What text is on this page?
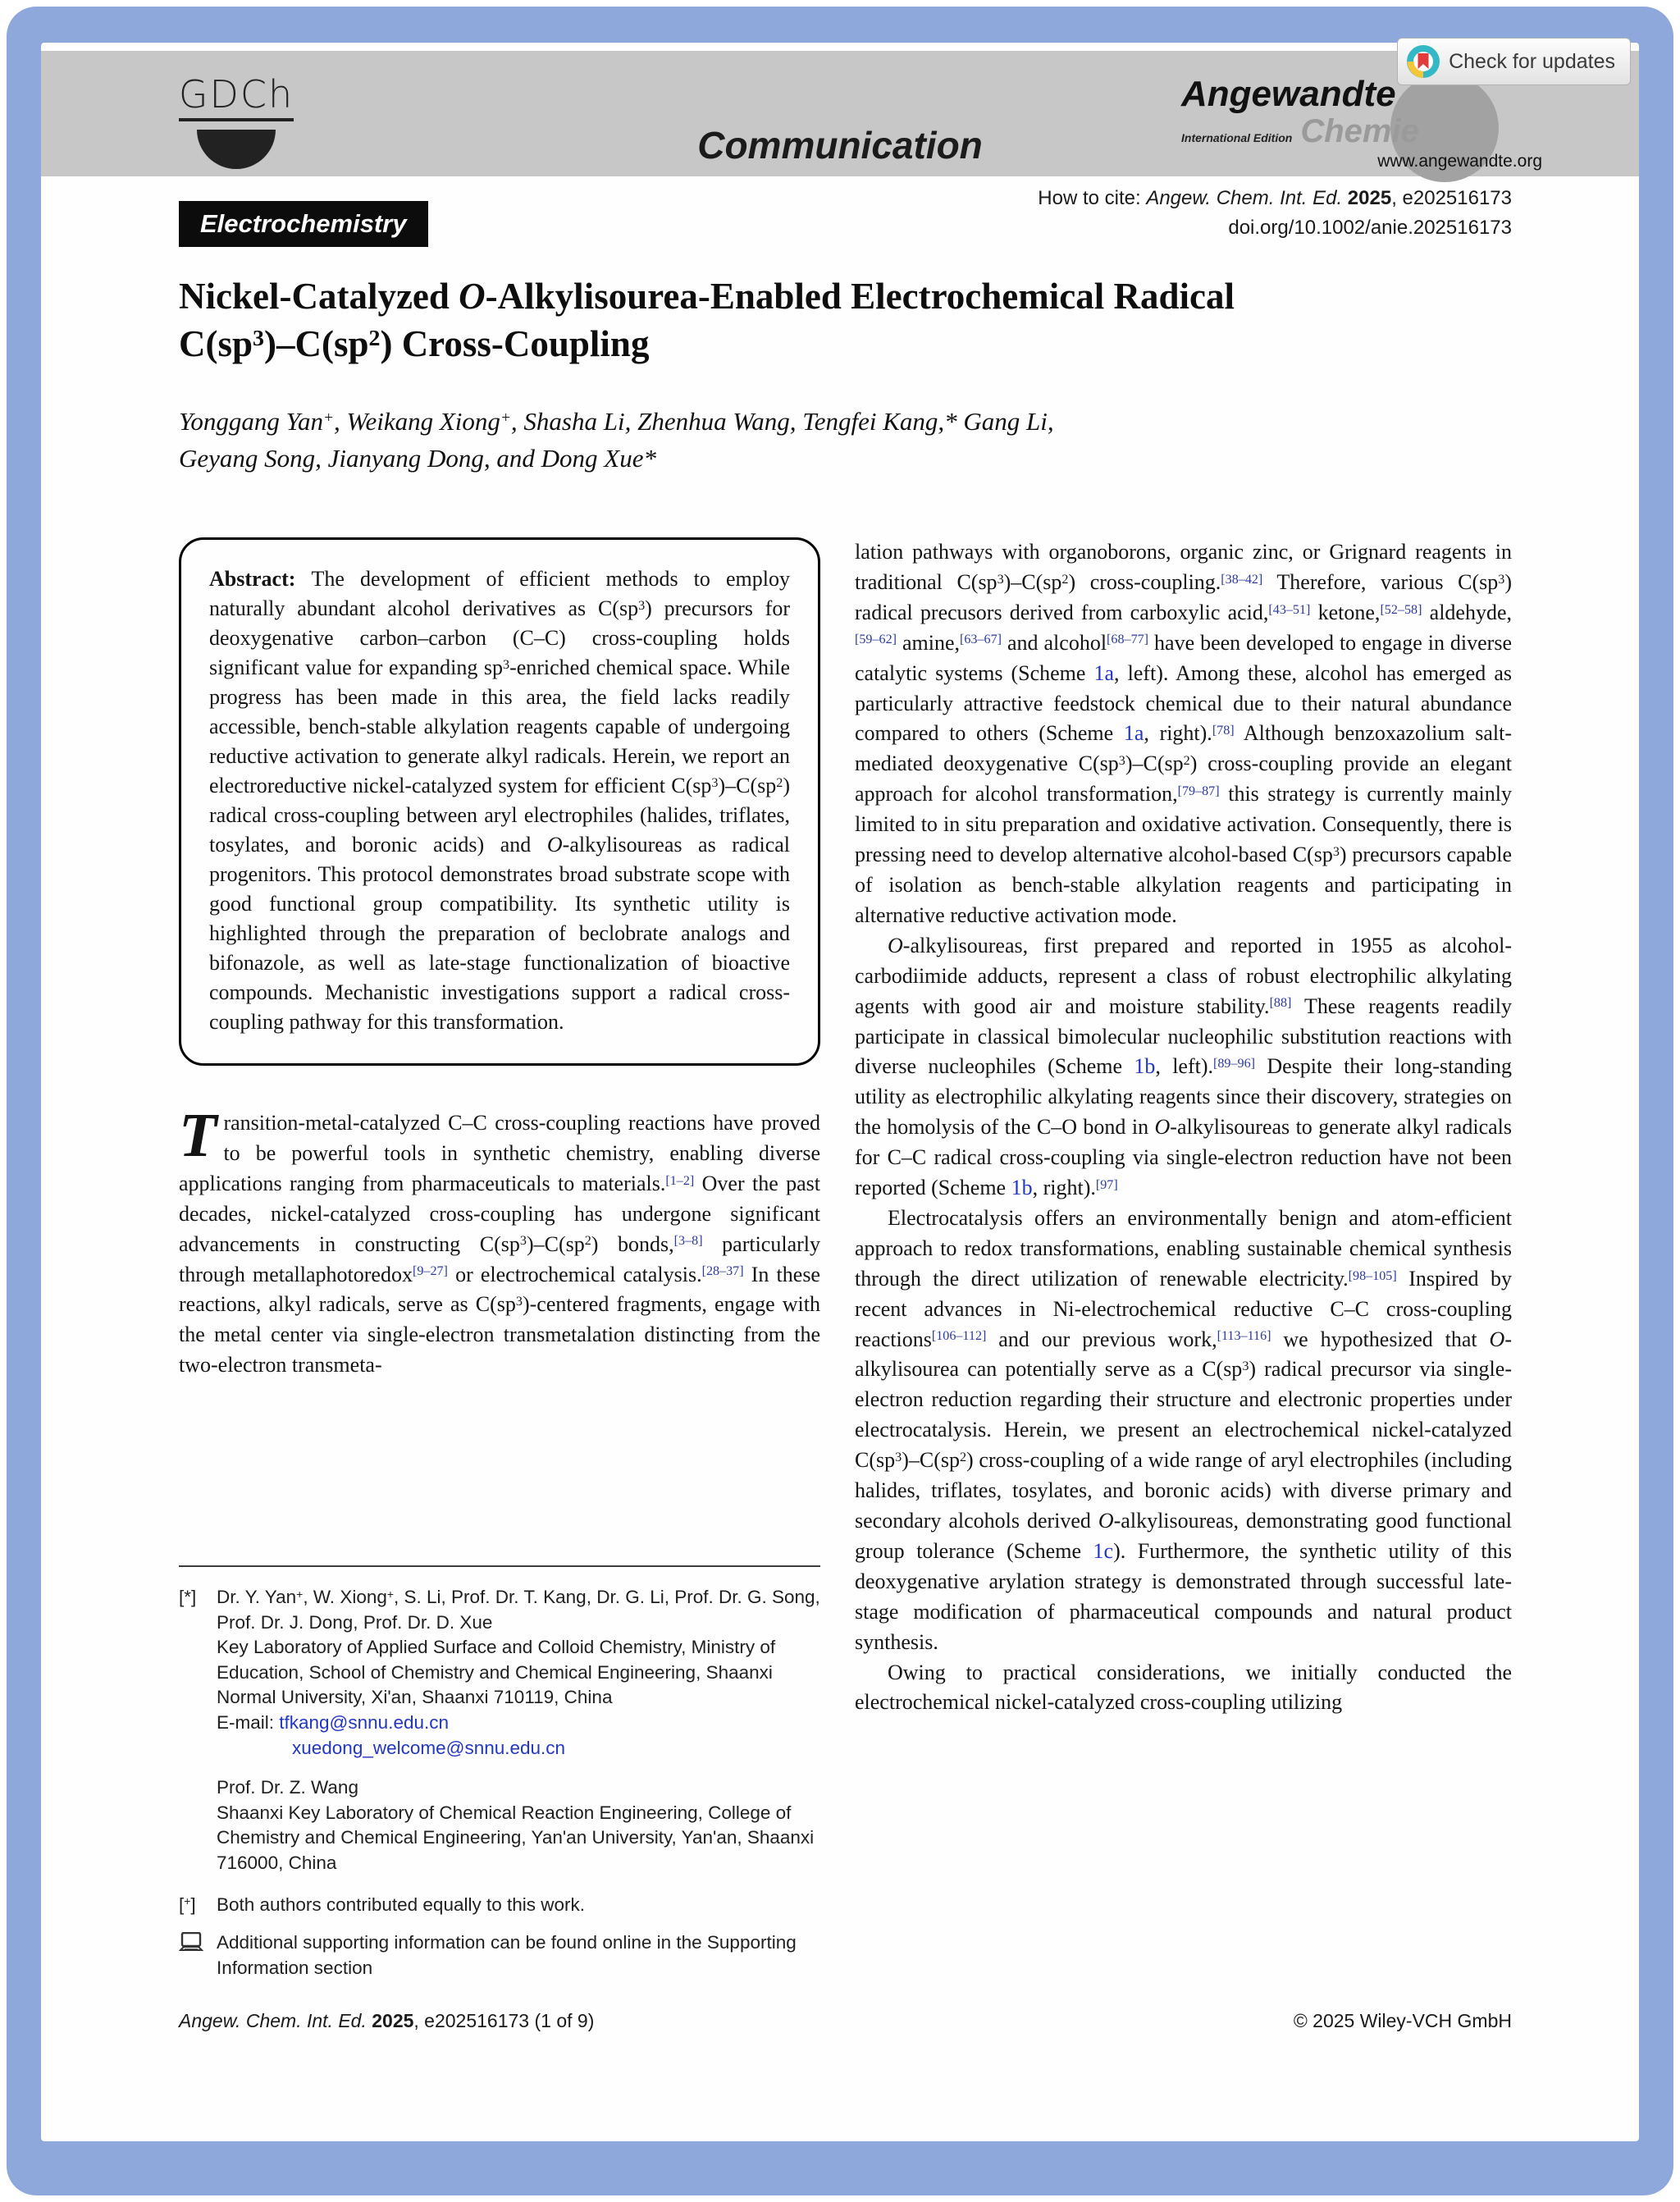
GDCh
Communication
Angewandte
International Edition Chemie
www.angewandte.org
Check for updates
How to cite: Angew. Chem. Int. Ed. 2025, e202516173
doi.org/10.1002/anie.202516173
Electrochemistry
Nickel-Catalyzed O-Alkylisourea-Enabled Electrochemical Radical
$C(sp^3)-C(sp^2)$ Cross-Coupling
Yonggang Yan+, Weikang Xiong+, Shasha Li, Zhenhua Wang, Tengfei Kang,* Gang Li,
Geyang Song, Jianyang Dong, and Dong Xue*
Abstract: The development of efficient methods to employ naturally abundant alcohol derivatives as $C(sp^3)$ precursors for deoxygenative carbon–carbon (C–C) cross-coupling holds significant value for expanding $sp^3$-enriched chemical space. While progress has been made in this area, the field lacks readily accessible, bench-stable alkylation reagents capable of undergoing reductive activation to generate alkyl radicals. Herein, we report an electroreductive nickel-catalyzed system for efficient $C(sp^3)-C(sp^2)$ radical cross-coupling between aryl electrophiles (halides, triflates, tosylates, and boronic acids) and O-alkylisoureas as radical progenitors. This protocol demonstrates broad substrate scope with good functional group compatibility. Its synthetic utility is highlighted through the preparation of beclobrate analogs and bifonazole, as well as late-stage functionalization of bioactive compounds. Mechanistic investigations support a radical cross-coupling pathway for this transformation.
Transition-metal-catalyzed C–C cross-coupling reactions have proved to be powerful tools in synthetic chemistry, enabling diverse applications ranging from pharmaceuticals to materials.[1–2] Over the past decades, nickel-catalyzed cross-coupling has undergone significant advancements in constructing $C(sp^3)-C(sp^2)$ bonds,[3–8] particularly through metallaphotoredox[9–27] or electrochemical catalysis.[28–37] In these reactions, alkyl radicals, serve as $C(sp^3)$-centered fragments, engage with the metal center via single-electron transmetalation distincting from the two-electron transmeta-
[*]	Dr. Y. Yan+, W. Xiong+, S. Li, Prof. Dr. T. Kang, Dr. G. Li, Prof. Dr. G. Song, Prof. Dr. J. Dong, Prof. Dr. D. Xue
Key Laboratory of Applied Surface and Colloid Chemistry, Ministry of Education, School of Chemistry and Chemical Engineering, Shaanxi Normal University, Xi'an, Shaanxi 710119, China
E-mail: tfkang@snnu.edu.cn
xuedong_welcome@snnu.edu.cn
Prof. Dr. Z. Wang
Shaanxi Key Laboratory of Chemical Reaction Engineering, College of Chemistry and Chemical Engineering, Yan'an University, Yan'an, Shaanxi 716000, China
[+]	Both authors contributed equally to this work.
Additional supporting information can be found online in the Supporting Information section

lation pathways with organoborons, organic zinc, or Grignard reagents in traditional $C(sp^3)-C(sp^2)$ cross-coupling.[38–42] Therefore, various $C(sp^3)$ radical precusors derived from carboxylic acid,[43–51] ketone,[52–58] aldehyde,[59–62] amine,[63–67] and alcohol[68–77] have been developed to engage in diverse catalytic systems (Scheme 1a, left). Among these, alcohol has emerged as particularly attractive feedstock chemical due to their natural abundance compared to others (Scheme 1a, right).[78] Although benzoxazolium salt-mediated deoxygenative $C(sp^3)-C(sp^2)$ cross-coupling provide an elegant approach for alcohol transformation,[79–87] this strategy is currently mainly limited to in situ preparation and oxidative activation. Consequently, there is pressing need to develop alternative alcohol-based $C(sp^3)$ precursors capable of isolation as bench-stable alkylation reagents and participating in alternative reductive activation mode.

O-alkylisoureas, first prepared and reported in 1955 as alcohol-carbodiimide adducts, represent a class of robust electrophilic alkylating agents with good air and moisture stability.[88] These reagents readily participate in classical bimolecular nucleophilic substitution reactions with diverse nucleophiles (Scheme 1b, left).[89–96] Despite their long-standing utility as electrophilic alkylating reagents since their discovery, strategies on the homolysis of the C–O bond in O-alkylisoureas to generate alkyl radicals for C–C radical cross-coupling via single-electron reduction have not been reported (Scheme 1b, right).[97]

Electrocatalysis offers an environmentally benign and atom-efficient approach to redox transformations, enabling sustainable chemical synthesis through the direct utilization of renewable electricity.[98–105] Inspired by recent advances in Ni-electrochemical reductive C–C cross-coupling reactions[106–112] and our previous work,[113–116] we hypothesized that O-alkylisourea can potentially serve as a $C(sp^3)$ radical precursor via single-electron reduction regarding their structure and electronic properties under electrocatalysis. Herein, we present an electrochemical nickel-catalyzed $C(sp^3)-C(sp^2)$ cross-coupling of a wide range of aryl electrophiles (including halides, triflates, tosylates, and boronic acids) with diverse primary and secondary alcohols derived O-alkylisoureas, demonstrating good functional group tolerance (Scheme 1c). Furthermore, the synthetic utility of this deoxygenative arylation strategy is demonstrated through successful late-stage modification of pharmaceutical compounds and natural product synthesis.

Owing to practical considerations, we initially conducted the electrochemical nickel-catalyzed cross-coupling utilizing

Angew. Chem. Int. Ed. 2025, e202516173 (1 of 9)	© 2025 Wiley-VCH GmbH
